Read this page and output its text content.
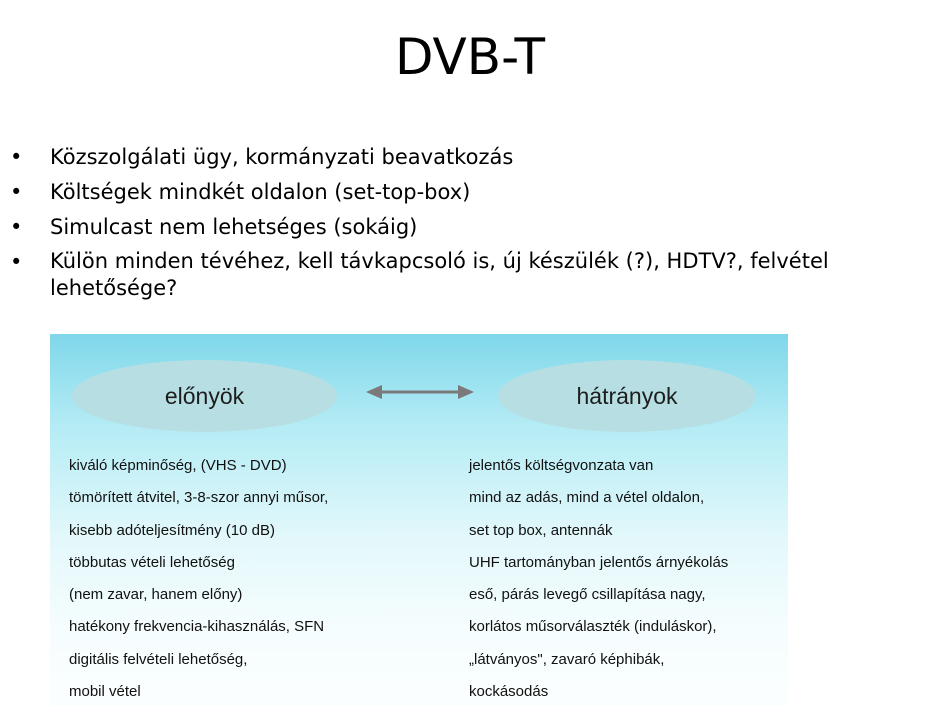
DVB-T
• Közszolgálati ügy, kormányzati beavatkozás
• Költségek mindkét oldalon (set-top-box)
• Simulcast nem lehetséges (sokáig)
• Külön minden tévéhez, kell távkapcsoló is, új készülék (?), HDTV?, felvétel lehetősége?
előnyök	hátrányok
kiváló képminőség, (VHS - DVD)
tömörített átvitel, 3-8-szor annyi műsor,
kisebb adóteljesítmény (10 dB)
többutas vételi lehetőség
(nem zavar, hanem előny)
hatékony frekvencia-kihasználás, SFN
digitális felvételi lehetőség,
mobil vétel
jelentős költségvonzata van
mind az adás, mind a vétel oldalon,
set top box, antennák
UHF tartományban jelentős árnyékolás
eső, párás levegő csillapítása nagy,
korlátos műsorválaszték (induláskor),
„látványos", zavaró képhibák,
kockásodás
